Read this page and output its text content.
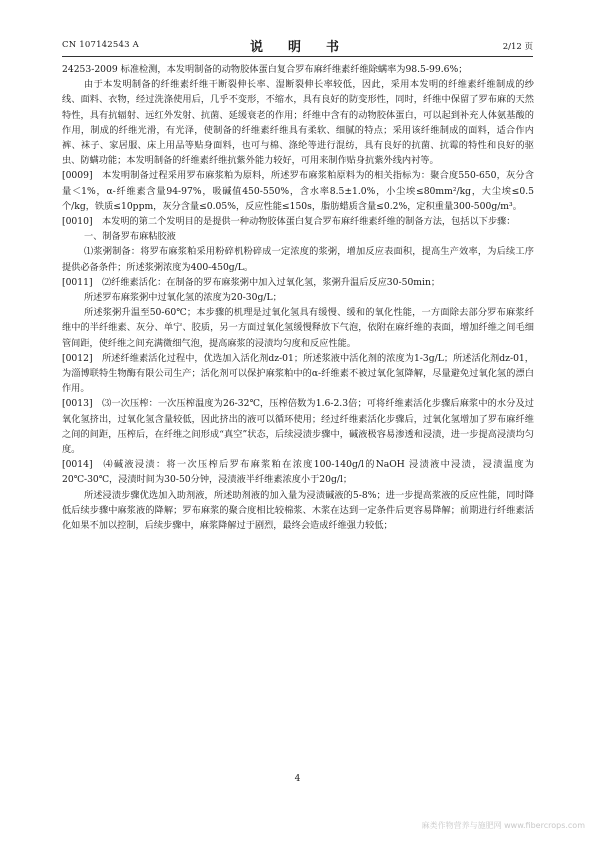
CN 107142543 A	说　明　书	2/12 页

24253-2009 标准检测，本发明制备的动物胶体蛋白复合罗布麻纤维素纤维除螨率为98.5-99.6%；

由于本发明制备的纤维素纤维干断裂伸长率、湿断裂伸长率较低，因此，采用本发明的纤维素纤维制成的纱线、面料、衣物，经过洗涤使用后，几乎不变形，不缩水，具有良好的防变形性，同时，纤维中保留了罗布麻的天然特性，具有抗辐射、远红外发射、抗菌、延缓衰老的作用；纤维中含有的动物胶体蛋白，可以起到补充人体氨基酸的作用，制成的纤维光滑，有光泽，使制备的纤维素纤维具有柔软、细腻的特点；采用该纤维制成的面料，适合作内裤、袜子、家居服、床上用品等贴身面料，也可与棉、涤纶等进行混纺，具有良好的抗菌、抗霉的特性和良好的驱虫、防螨功能；本发明制备的纤维素纤维抗紫外能力较好，可用来制作贴身抗紫外线内衬等。

[0009] 本发明制备过程采用罗布麻浆粕为原料，所述罗布麻浆粕原料为的相关指标为：聚合度550-650，灰分含量＜1%，α-纤维素含量94-97%，吸碱值450-550%，含水率8.5±1.0%，小尘埃≤80mm²/kg，大尘埃≤0.5个/kg，铁质≤10ppm，灰分含量≤0.05%，反应性能≤150s，脂肪蜡质含量≤0.2%，定积重量300-500g/m³。

[0010] 本发明的第二个发明目的是提供一种动物胶体蛋白复合罗布麻纤维素纤维的制备方法，包括以下步骤：

一、制备罗布麻粘胶液

⑴浆粥制备：将罗布麻浆粕采用粉碎机粉碎成一定浓度的浆粥，增加反应表面积，提高生产效率，为后续工序提供必备条件；所述浆粥浓度为400-450g/L。

[0011] ⑵纤维素活化：在制备的罗布麻浆粥中加入过氧化氢，浆粥升温后反应30-50min；

所述罗布麻浆粥中过氧化氢的浓度为20-30g/L；

所述浆粥升温至50-60℃；本步骤的机理是过氧化氢具有缓慢、缓和的氧化性能，一方面除去部分罗布麻浆纤维中的半纤维素、灰分、单宁、胶质，另一方面过氧化氢缓慢释放下气泡，依附在麻纤维的表面，增加纤维之间毛细管间距，使纤维之间充满微细气泡，提高麻浆的浸渍均匀度和反应性能。

[0012] 所述纤维素活化过程中，优选加入活化剂dz-01；所述浆液中活化剂的浓度为1-3g/L；所述活化剂dz-01，为淄博联特生物酶有限公司生产；活化剂可以保护麻浆粕中的α-纤维素不被过氧化氢降解，尽量避免过氧化氢的漂白作用。

[0013] ⑶一次压榨：一次压榨温度为26-32℃，压榨倍数为1.6-2.3倍；可将纤维素活化步骤后麻浆中的水分及过氧化氢挤出，过氧化氢含量较低，因此挤出的液可以循环使用；经过纤维素活化步骤后，过氧化氢增加了罗布麻纤维之间的间距，压榨后，在纤维之间形成“真空”状态，后续浸渍步骤中，碱液极容易渗透和浸渍，进一步提高浸渍均匀度。

[0014] ⑷碱液浸渍：将一次压榨后罗布麻浆粕在浓度100-140g/l的NaOH 浸渍液中浸渍，浸渍温度为20℃-30℃，浸渍时间为30-50分钟，浸渍液半纤维素浓度小于20g/l；

所述浸渍步骤优选加入助剂液，所述助剂液的加入量为浸渍碱液的5-8%；进一步提高浆液的反应性能，同时降低后续步骤中麻浆液的降解；罗布麻浆的聚合度相比较棉浆、木浆在达到一定条件后更容易降解；前期进行纤维素活化如果不加以控制，后续步骤中，麻浆降解过于剧烈，最终会造成纤维强力较低；

4
麻类作物营养与施肥网 www.fibercrops.com
